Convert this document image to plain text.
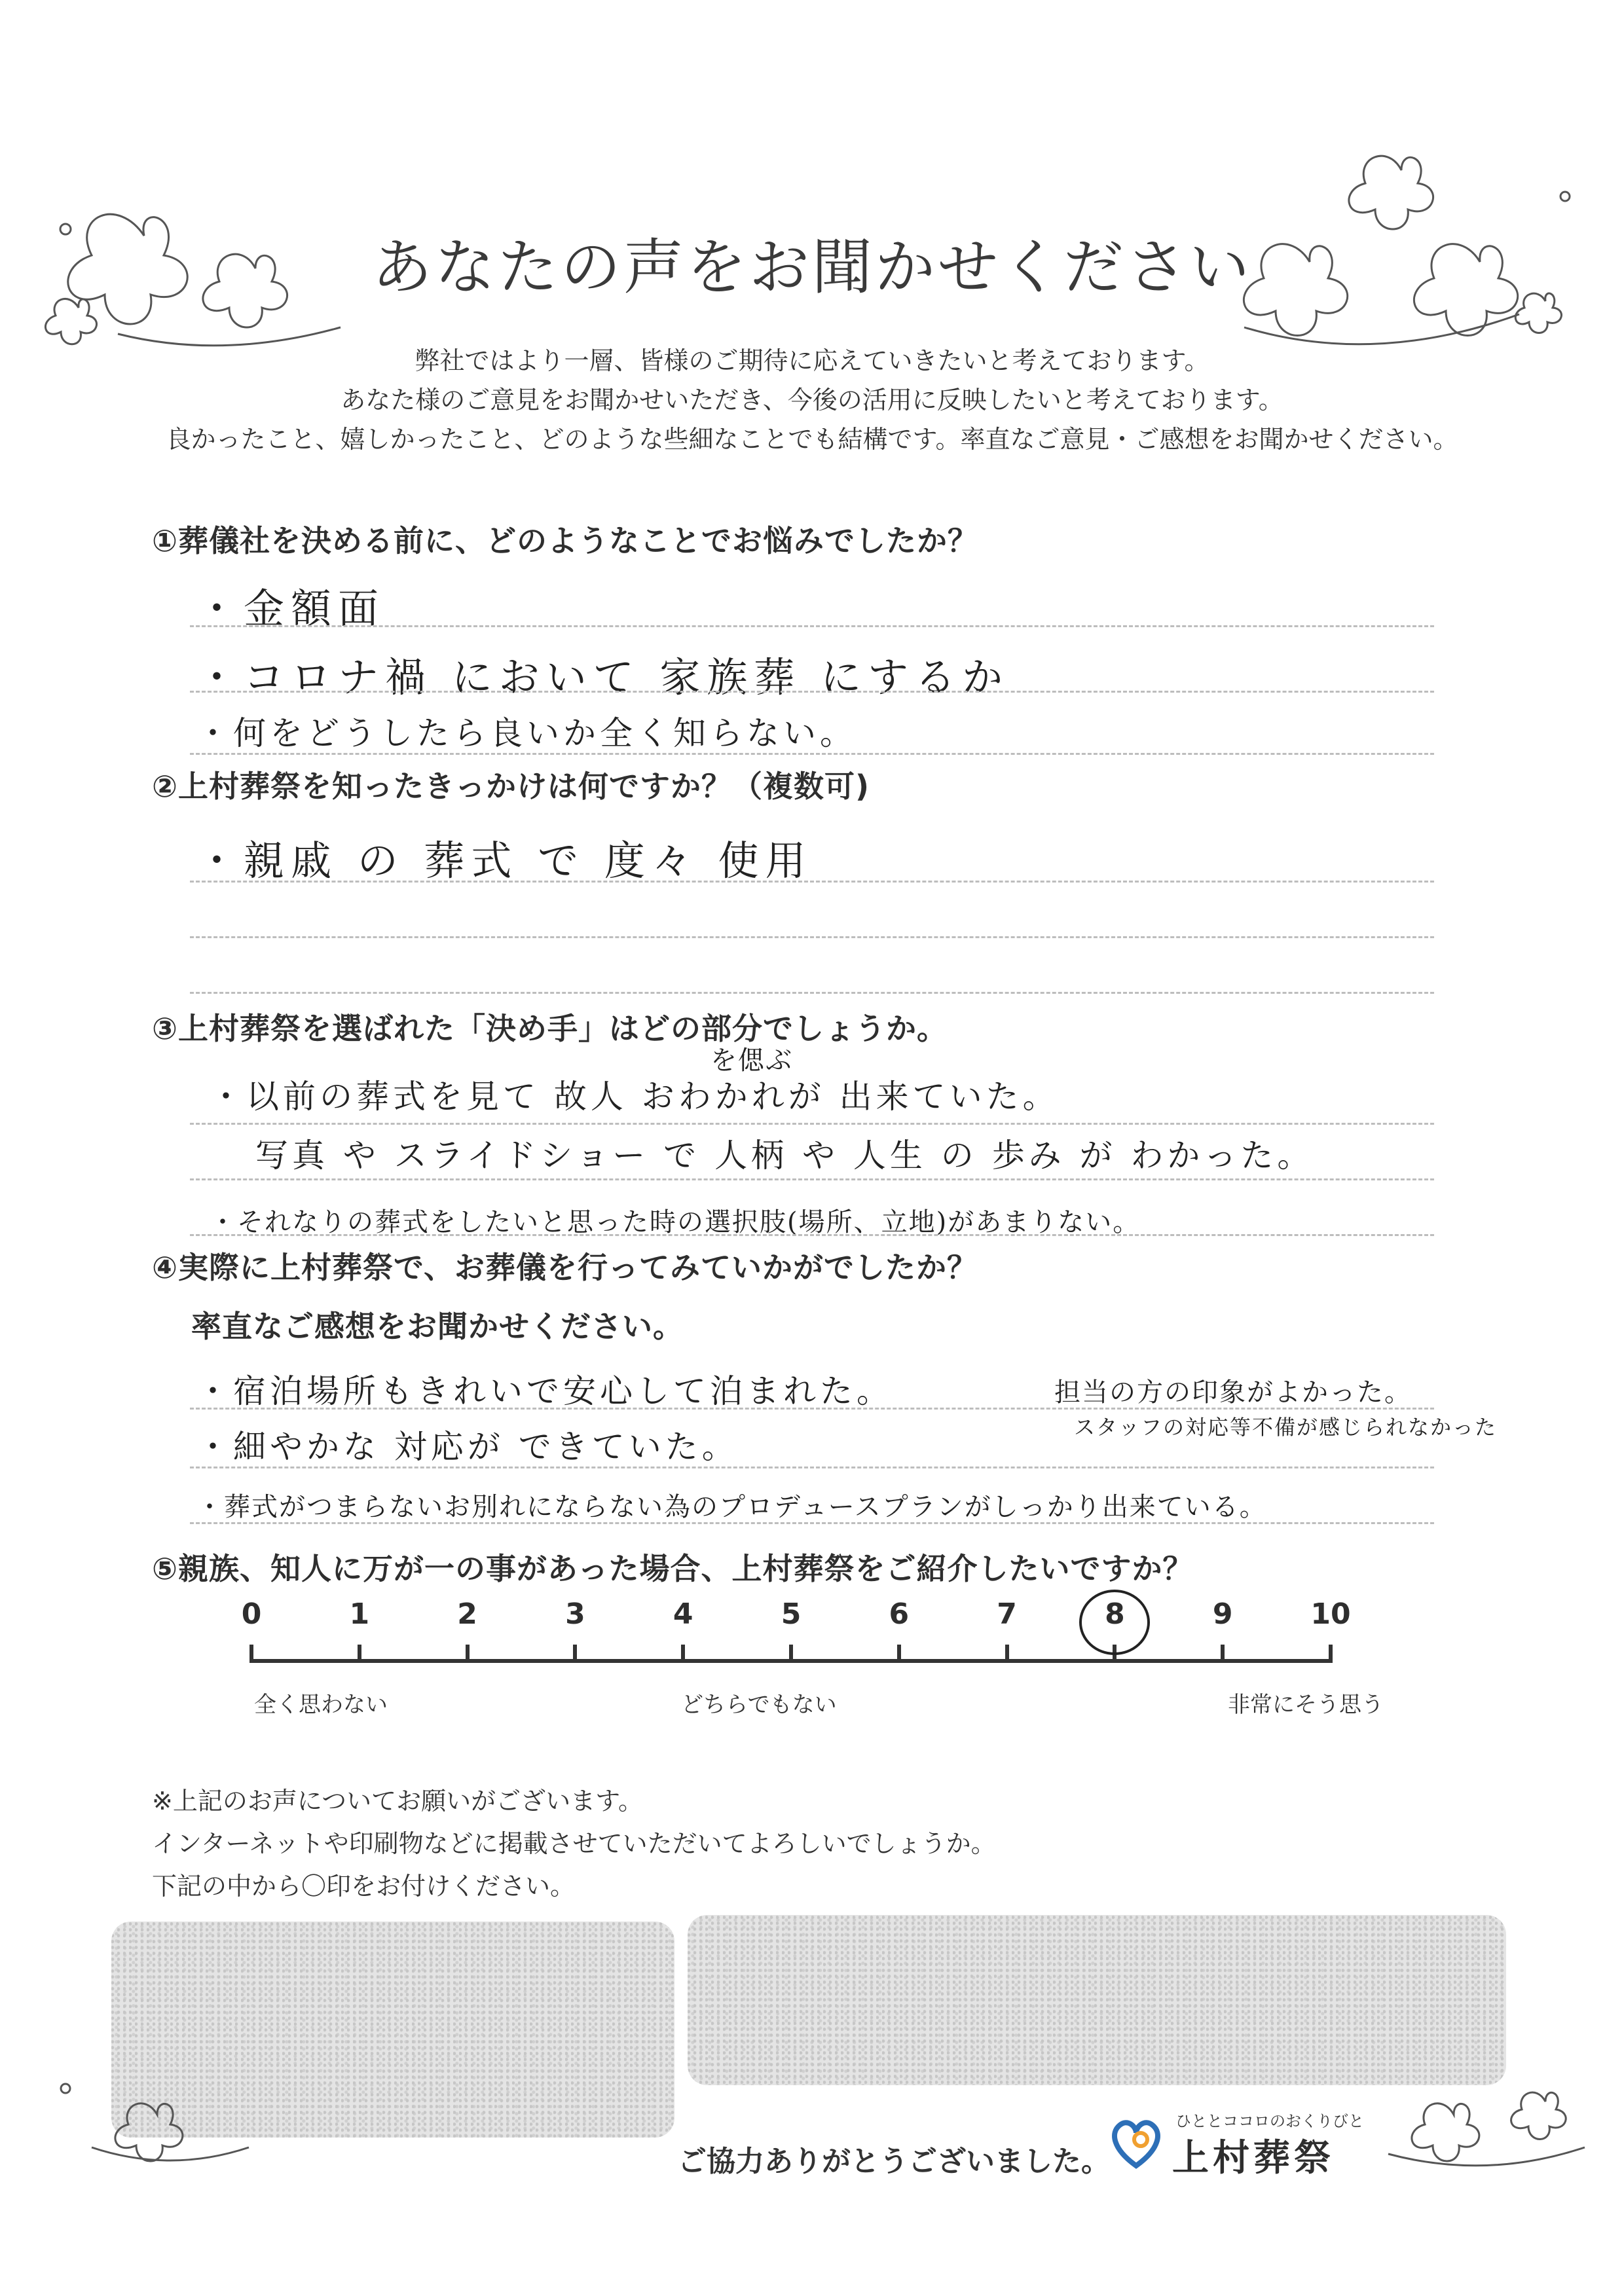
あなたの声をお聞かせください
弊社ではより一層、皆様のご期待に応えていきたいと考えております。
あなた様のご意見をお聞かせいただき、今後の活用に反映したいと考えております。
良かったこと、嬉しかったこと、どのような些細なことでも結構です。率直なご意見・ご感想をお聞かせください。
①葬儀社を決める前に、どのようなことでお悩みでしたか？
・金額面
・コロナ禍 において 家族葬 にするか
・何をどうしたら良いか全く知らない。
②上村葬祭を知ったきっかけは何ですか？（複数可)
・親戚 の 葬式 で 度々 使用
③上村葬祭を選ばれた「決め手」はどの部分でしょうか。
を偲ぶ
・以前の葬式を見て 故人 おわかれが 出来ていた。
写真 や スライドショー で 人柄 や 人生 の 歩み が わかった。
・それなりの葬式をしたいと思った時の選択肢(場所、立地)があまりない。
④実際に上村葬祭で、お葬儀を行ってみていかがでしたか？
率直なご感想をお聞かせください。
・宿泊場所もきれいで安心して泊まれた。	担当の方の印象がよかった。
スタッフの対応等不備が感じられなかった
・細やかな 対応が できていた。
・葬式がつまらないお別れにならない為のプロデュースプランがしっかり出来ている。
⑤親族、知人に万が一の事があった場合、上村葬祭をご紹介したいですか？
0	1	2	3	4	5	6	7	8	9	10
全く思わない	どちらでもない	非常にそう思う
※上記のお声についてお願いがございます。
インターネットや印刷物などに掲載させていただいてよろしいでしょうか。
下記の中から〇印をお付けください。
ご協力ありがとうございました。
ひととココロのおくりびと
上村葬祭
